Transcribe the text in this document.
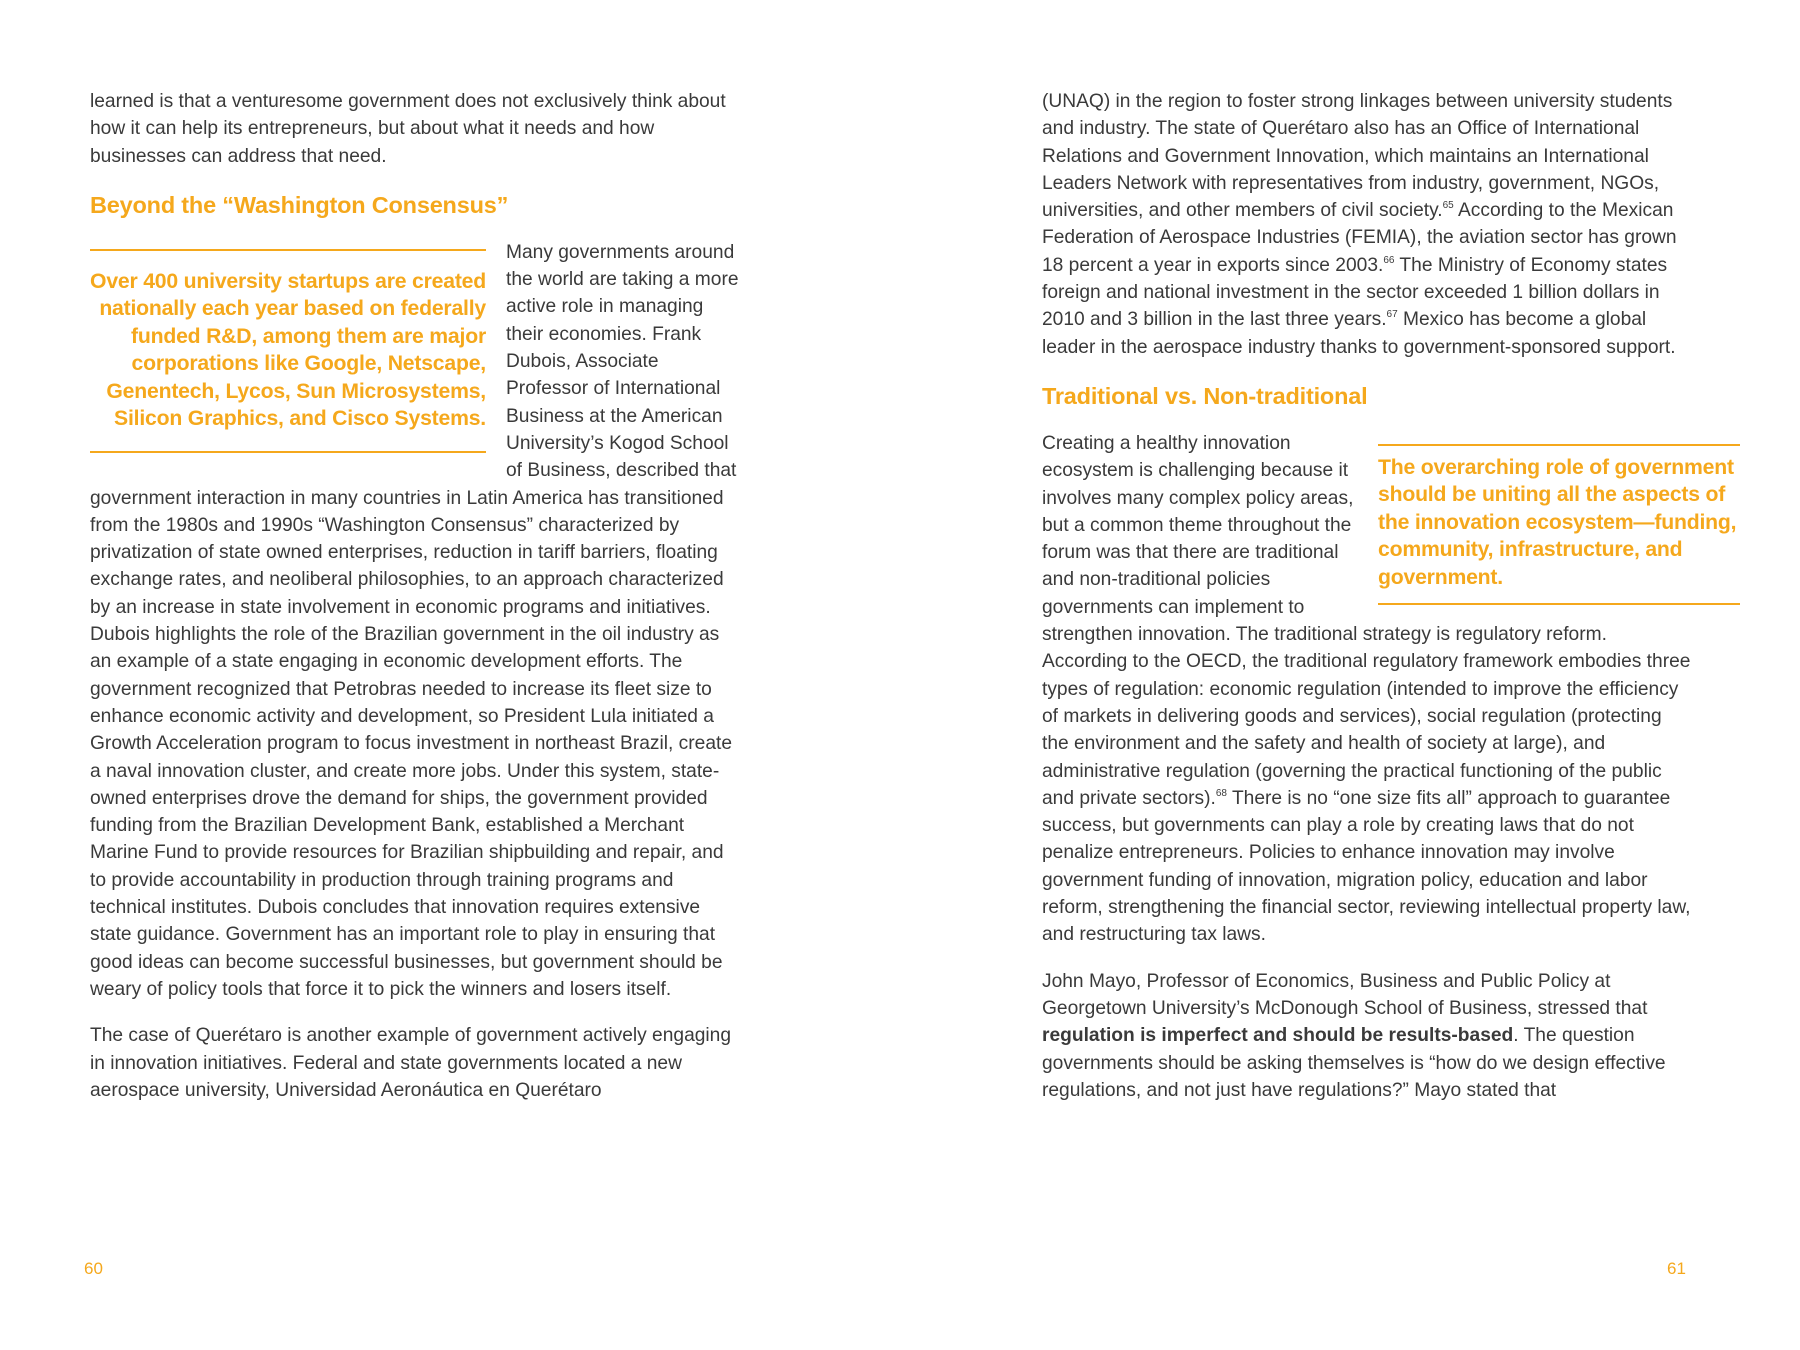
learned is that a venturesome government does not exclusively think about how it can help its entrepreneurs, but about what it needs and how businesses can address that need.

Beyond the “Washington Consensus”

Over 400 university startups are created nationally each year based on federally funded R&D, among them are major corporations like Google, Netscape, Genentech, Lycos, Sun Microsystems, Silicon Graphics, and Cisco Systems.
Many governments around the world are taking a more active role in managing their economies. Frank Dubois, Associate Professor of International Business at the American University’s Kogod School of Business, described that government interaction in many countries in Latin America has transitioned from the 1980s and 1990s “Washington Consensus” characterized by privatization of state owned enterprises, reduction in tariff barriers, floating exchange rates, and neoliberal philosophies, to an approach characterized by an increase in state involvement in economic programs and initiatives. Dubois highlights the role of the Brazilian government in the oil industry as an example of a state engaging in economic development efforts. The government recognized that Petrobras needed to increase its fleet size to enhance economic activity and development, so President Lula initiated a Growth Acceleration program to focus investment in northeast Brazil, create a naval innovation cluster, and create more jobs. Under this system, state-owned enterprises drove the demand for ships, the government provided funding from the Brazilian Development Bank, established a Merchant Marine Fund to provide resources for Brazilian shipbuilding and repair, and to provide accountability in production through training programs and technical institutes. Dubois concludes that innovation requires extensive state guidance. Government has an important role to play in ensuring that good ideas can become successful businesses, but government should be weary of policy tools that force it to pick the winners and losers itself.

The case of Querétaro is another example of government actively engaging in innovation initiatives. Federal and state governments located a new aerospace university, Universidad Aeronáutica en Querétaro

60

(UNAQ) in the region to foster strong linkages between university students and industry. The state of Querétaro also has an Office of International Relations and Government Innovation, which maintains an International Leaders Network with representatives from industry, government, NGOs, universities, and other members of civil society.$^{65}$ According to the Mexican Federation of Aerospace Industries (FEMIA), the aviation sector has grown 18 percent a year in exports since 2003.66 The Ministry of Economy states foreign and national investment in the sector exceeded 1 billion dollars in 2010 and 3 billion in the last three years.$^{67}$ Mexico has become a global leader in the aerospace industry thanks to government-sponsored support.

Traditional vs. Non-traditional

The overarching role of government should be uniting all the aspects of the innovation ecosystem—funding, community, infrastructure, and government.
Creating a healthy innovation ecosystem is challenging because it involves many complex policy areas, but a common theme throughout the forum was that there are traditional and non-traditional policies governments can implement to strengthen innovation. The traditional strategy is regulatory reform. According to the OECD, the traditional regulatory framework embodies three types of regulation: economic regulation (intended to improve the efficiency of markets in delivering goods and services), social regulation (protecting the environment and the safety and health of society at large), and administrative regulation (governing the practical functioning of the public and private sectors).$^{68}$ There is no “one size fits all” approach to guarantee success, but governments can play a role by creating laws that do not penalize entrepreneurs. Policies to enhance innovation may involve government funding of innovation, migration policy, education and labor reform, strengthening the financial sector, reviewing intellectual property law, and restructuring tax laws.

John Mayo, Professor of Economics, Business and Public Policy at Georgetown University’s McDonough School of Business, stressed that regulation is imperfect and should be results-based. The question governments should be asking themselves is “how do we design effective regulations, and not just have regulations?” Mayo stated that

61
